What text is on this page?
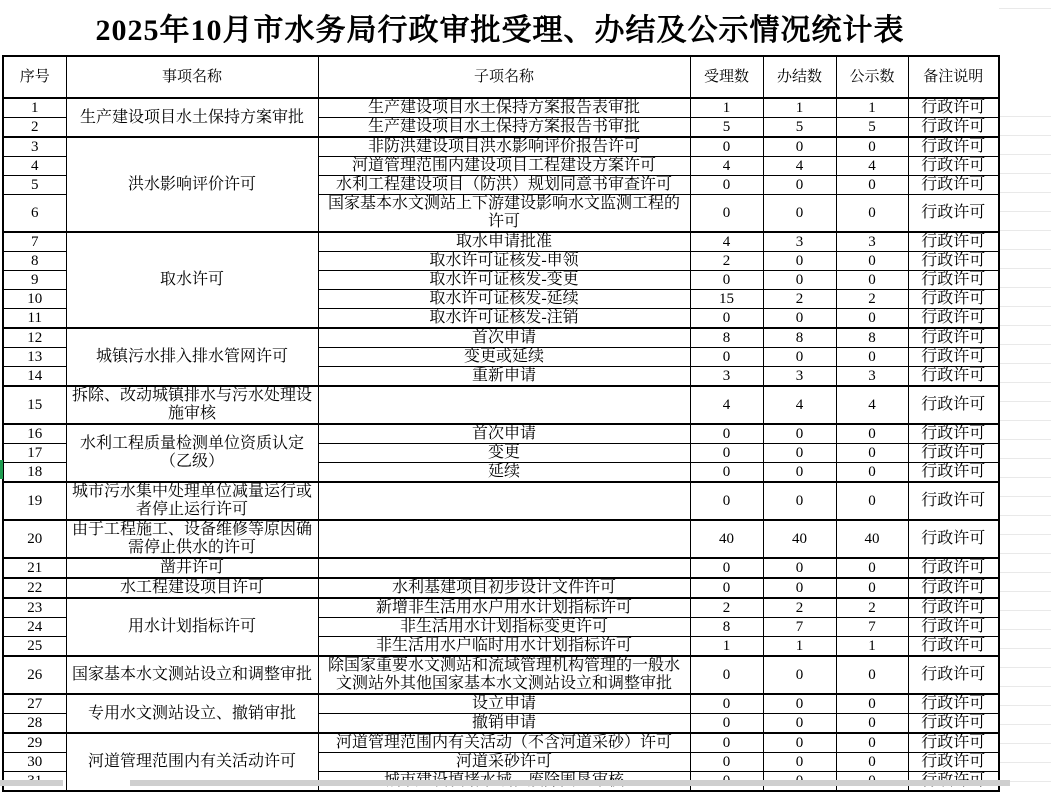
2025年10月市水务局行政审批受理、办结及公示情况统计表
序号	事项名称	子项名称	受理数	办结数	公示数	备注说明
1	生产建设项目水土保持方案审批	生产建设项目水土保持方案报告表审批	1	1	1	行政许可
2		生产建设项目水土保持方案报告书审批	5	5	5	行政许可
3	洪水影响评价许可	非防洪建设项目洪水影响评价报告许可	0	0	0	行政许可
4		河道管理范围内建设项目工程建设方案许可	4	4	4	行政许可
5		水利工程建设项目（防洪）规划同意书审查许可	0	0	0	行政许可
6		国家基本水文测站上下游建设影响水文监测工程的许可	0	0	0	行政许可
7	取水许可	取水申请批准	4	3	3	行政许可
8		取水许可证核发-申领	2	0	0	行政许可
9		取水许可证核发-变更	0	0	0	行政许可
10		取水许可证核发-延续	15	2	2	行政许可
11		取水许可证核发-注销	0	0	0	行政许可
12	城镇污水排入排水管网许可	首次申请	8	8	8	行政许可
13		变更或延续	0	0	0	行政许可
14		重新申请	3	3	3	行政许可
15	拆除、改动城镇排水与污水处理设施审核		4	4	4	行政许可
16	水利工程质量检测单位资质认定（乙级）	首次申请	0	0	0	行政许可
17		变更	0	0	0	行政许可
18		延续	0	0	0	行政许可
19	城市污水集中处理单位减量运行或者停止运行许可		0	0	0	行政许可
20	由于工程施工、设备维修等原因确需停止供水的许可		40	40	40	行政许可
21	凿井许可		0	0	0	行政许可
22	水工程建设项目许可	水利基建项目初步设计文件许可	0	0	0	行政许可
23	用水计划指标许可	新增非生活用水户用水计划指标许可	2	2	2	行政许可
24		非生活用水计划指标变更许可	8	7	7	行政许可
25		非生活用水户临时用水计划指标许可	1	1	1	行政许可
26	国家基本水文测站设立和调整审批	除国家重要水文测站和流域管理机构管理的一般水文测站外其他国家基本水文测站设立和调整审批	0	0	0	行政许可
27	专用水文测站设立、撤销审批	设立申请	0	0	0	行政许可
28		撤销申请	0	0	0	行政许可
29	河道管理范围内有关活动许可	河道管理范围内有关活动（不含河道采砂）许可	0	0	0	行政许可
30		河道采砂许可	0	0	0	行政许可
